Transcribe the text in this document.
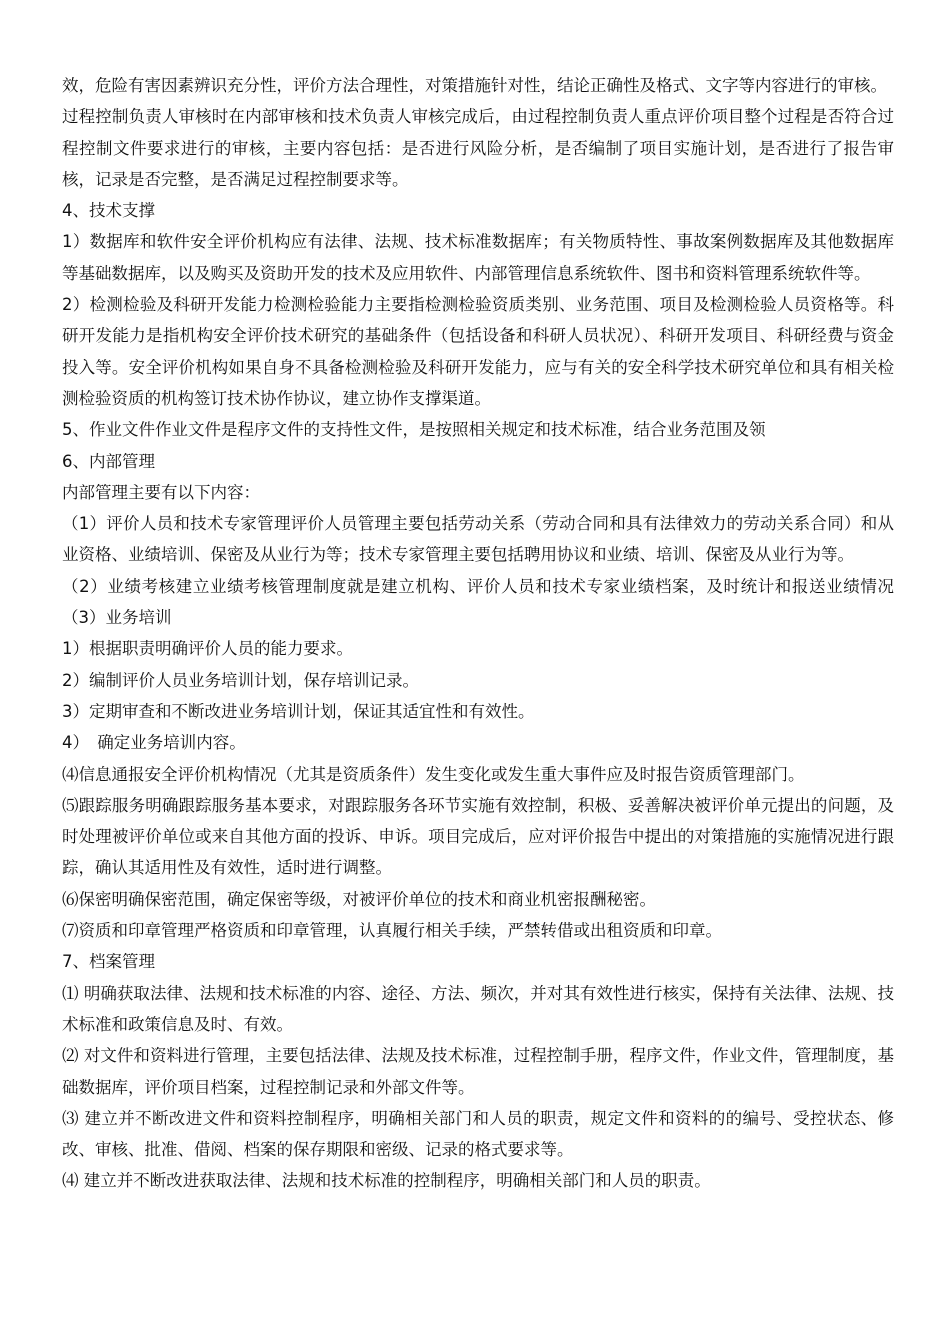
效，危险有害因素辨识充分性，评价方法合理性，对策措施针对性，结论正确性及格式、文字等内容进行的审核。

过程控制负责人审核时在内部审核和技术负责人审核完成后，由过程控制负责人重点评价项目整个过程是否符合过程控制文件要求进行的审核，主要内容包括：是否进行风险分析，是否编制了项目实施计划，是否进行了报告审核，记录是否完整，是否满足过程控制要求等。

4、技术支撑

1）数据库和软件安全评价机构应有法律、法规、技术标准数据库；有关物质特性、事故案例数据库及其他数据库等基础数据库，以及购买及资助开发的技术及应用软件、内部管理信息系统软件、图书和资料管理系统软件等。

2）检测检验及科研开发能力检测检验能力主要指检测检验资质类别、业务范围、项目及检测检验人员资格等。科研开发能力是指机构安全评价技术研究的基础条件（包括设备和科研人员状况）、科研开发项目、科研经费与资金投入等。安全评价机构如果自身不具备检测检验及科研开发能力，应与有关的安全科学技术研究单位和具有相关检测检验资质的机构签订技术协作协议，建立协作支撑渠道。

5、作业文件作业文件是程序文件的支持性文件，是按照相关规定和技术标准，结合业务范围及领

6、内部管理

内部管理主要有以下内容：

（1）评价人员和技术专家管理评价人员管理主要包括劳动关系（劳动合同和具有法律效力的劳动关系合同）和从业资格、业绩培训、保密及从业行为等；技术专家管理主要包括聘用协议和业绩、培训、保密及从业行为等。

（2）业绩考核建立业绩考核管理制度就是建立机构、评价人员和技术专家业绩档案，及时统计和报送业绩情况（3）业务培训

1）根据职责明确评价人员的能力要求。

2）编制评价人员业务培训计划，保存培训记录。

3）定期审查和不断改进业务培训计划，保证其适宜性和有效性。

4）　确定业务培训内容。

⑷信息通报安全评价机构情况（尤其是资质条件）发生变化或发生重大事件应及时报告资质管理部门。

⑸跟踪服务明确跟踪服务基本要求，对跟踪服务各环节实施有效控制，积极、妥善解决被评价单元提出的问题，及时处理被评价单位或来自其他方面的投诉、申诉。项目完成后，应对评价报告中提出的对策措施的实施情况进行跟踪，确认其适用性及有效性，适时进行调整。

⑹保密明确保密范围，确定保密等级，对被评价单位的技术和商业机密报酬秘密。

⑺资质和印章管理严格资质和印章管理，认真履行相关手续，严禁转借或出租资质和印章。

7、档案管理

⑴ 明确获取法律、法规和技术标准的内容、途径、方法、频次，并对其有效性进行核实，保持有关法律、法规、技术标准和政策信息及时、有效。

⑵ 对文件和资料进行管理，主要包括法律、法规及技术标准，过程控制手册，程序文件，作业文件，管理制度，基础数据库，评价项目档案，过程控制记录和外部文件等。

⑶ 建立并不断改进文件和资料控制程序，明确相关部门和人员的职责，规定文件和资料的的编号、受控状态、修改、审核、批准、借阅、档案的保存期限和密级、记录的格式要求等。

⑷ 建立并不断改进获取法律、法规和技术标准的控制程序，明确相关部门和人员的职责。
